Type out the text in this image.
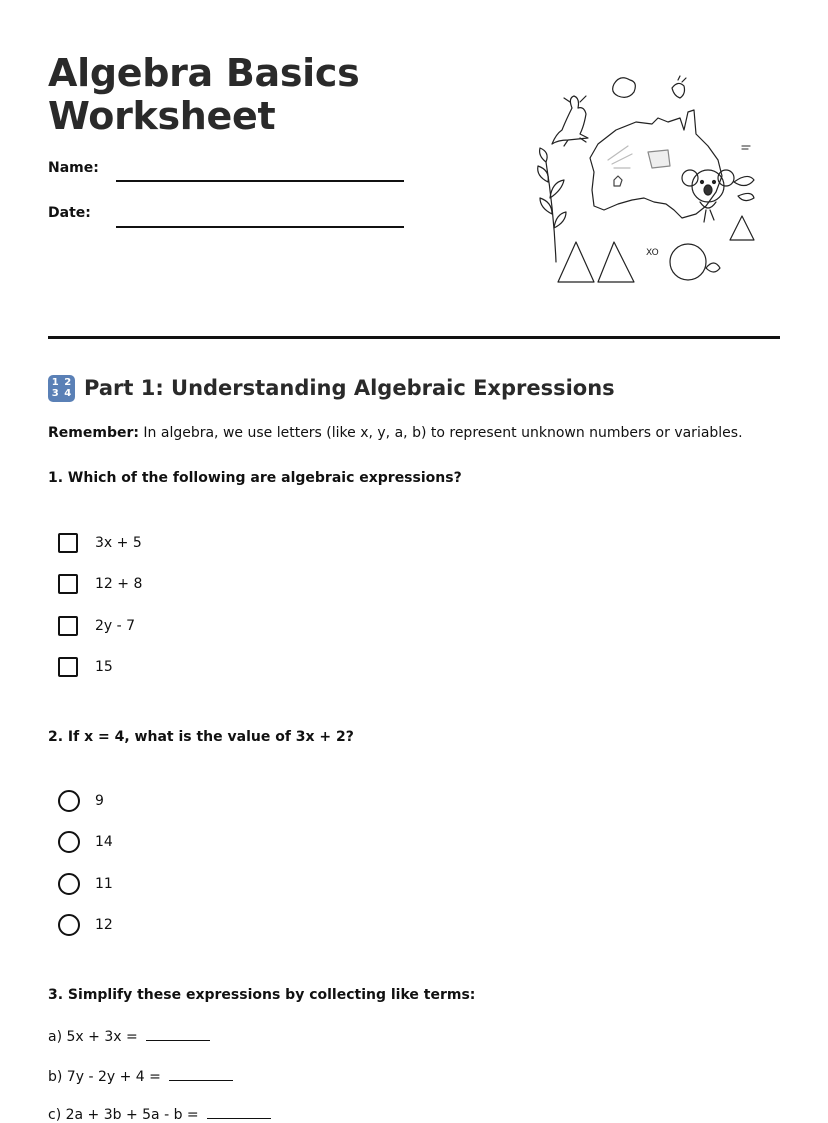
Algebra Basics
Worksheet
Name:
Date:
XO
1 2
3 4 Part 1: Understanding Algebraic Expressions
Remember: In algebra, we use letters (like x, y, a, b) to represent unknown numbers or variables.
1. Which of the following are algebraic expressions?
3x + 5
12 + 8
2y - 7
15
2. If x = 4, what is the value of 3x + 2?
9
14
11
12
3. Simplify these expressions by collecting like terms:
a) 5x + 3x =
b) 7y - 2y + 4 =
c) 2a + 3b + 5a - b =
